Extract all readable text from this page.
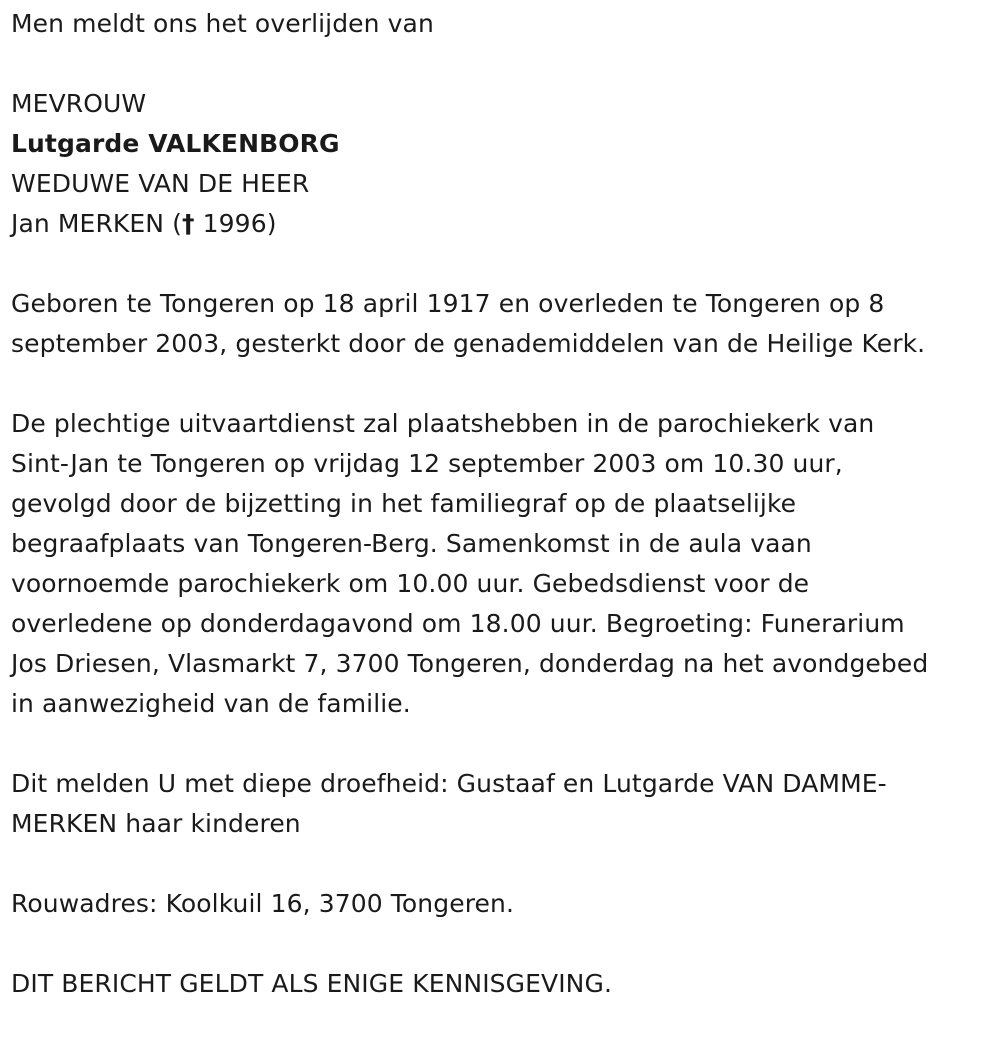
Men meldt ons het overlijden van
MEVROUW
Lutgarde VALKENBORG
WEDUWE VAN DE HEER
Jan MERKEN († 1996)
Geboren te Tongeren op 18 april 1917 en overleden te Tongeren op 8
september 2003, gesterkt door de genademiddelen van de Heilige Kerk.
De plechtige uitvaartdienst zal plaatshebben in de parochiekerk van
Sint-Jan te Tongeren op vrijdag 12 september 2003 om 10.30 uur,
gevolgd door de bijzetting in het familiegraf op de plaatselijke
begraafplaats van Tongeren-Berg. Samenkomst in de aula vaan
voornoemde parochiekerk om 10.00 uur. Gebedsdienst voor de
overledene op donderdagavond om 18.00 uur. Begroeting: Funerarium
Jos Driesen, Vlasmarkt 7, 3700 Tongeren, donderdag na het avondgebed
in aanwezigheid van de familie.
Dit melden U met diepe droefheid: Gustaaf en Lutgarde VAN DAMME-
MERKEN haar kinderen
Rouwadres: Koolkuil 16, 3700 Tongeren.
DIT BERICHT GELDT ALS ENIGE KENNISGEVING.
